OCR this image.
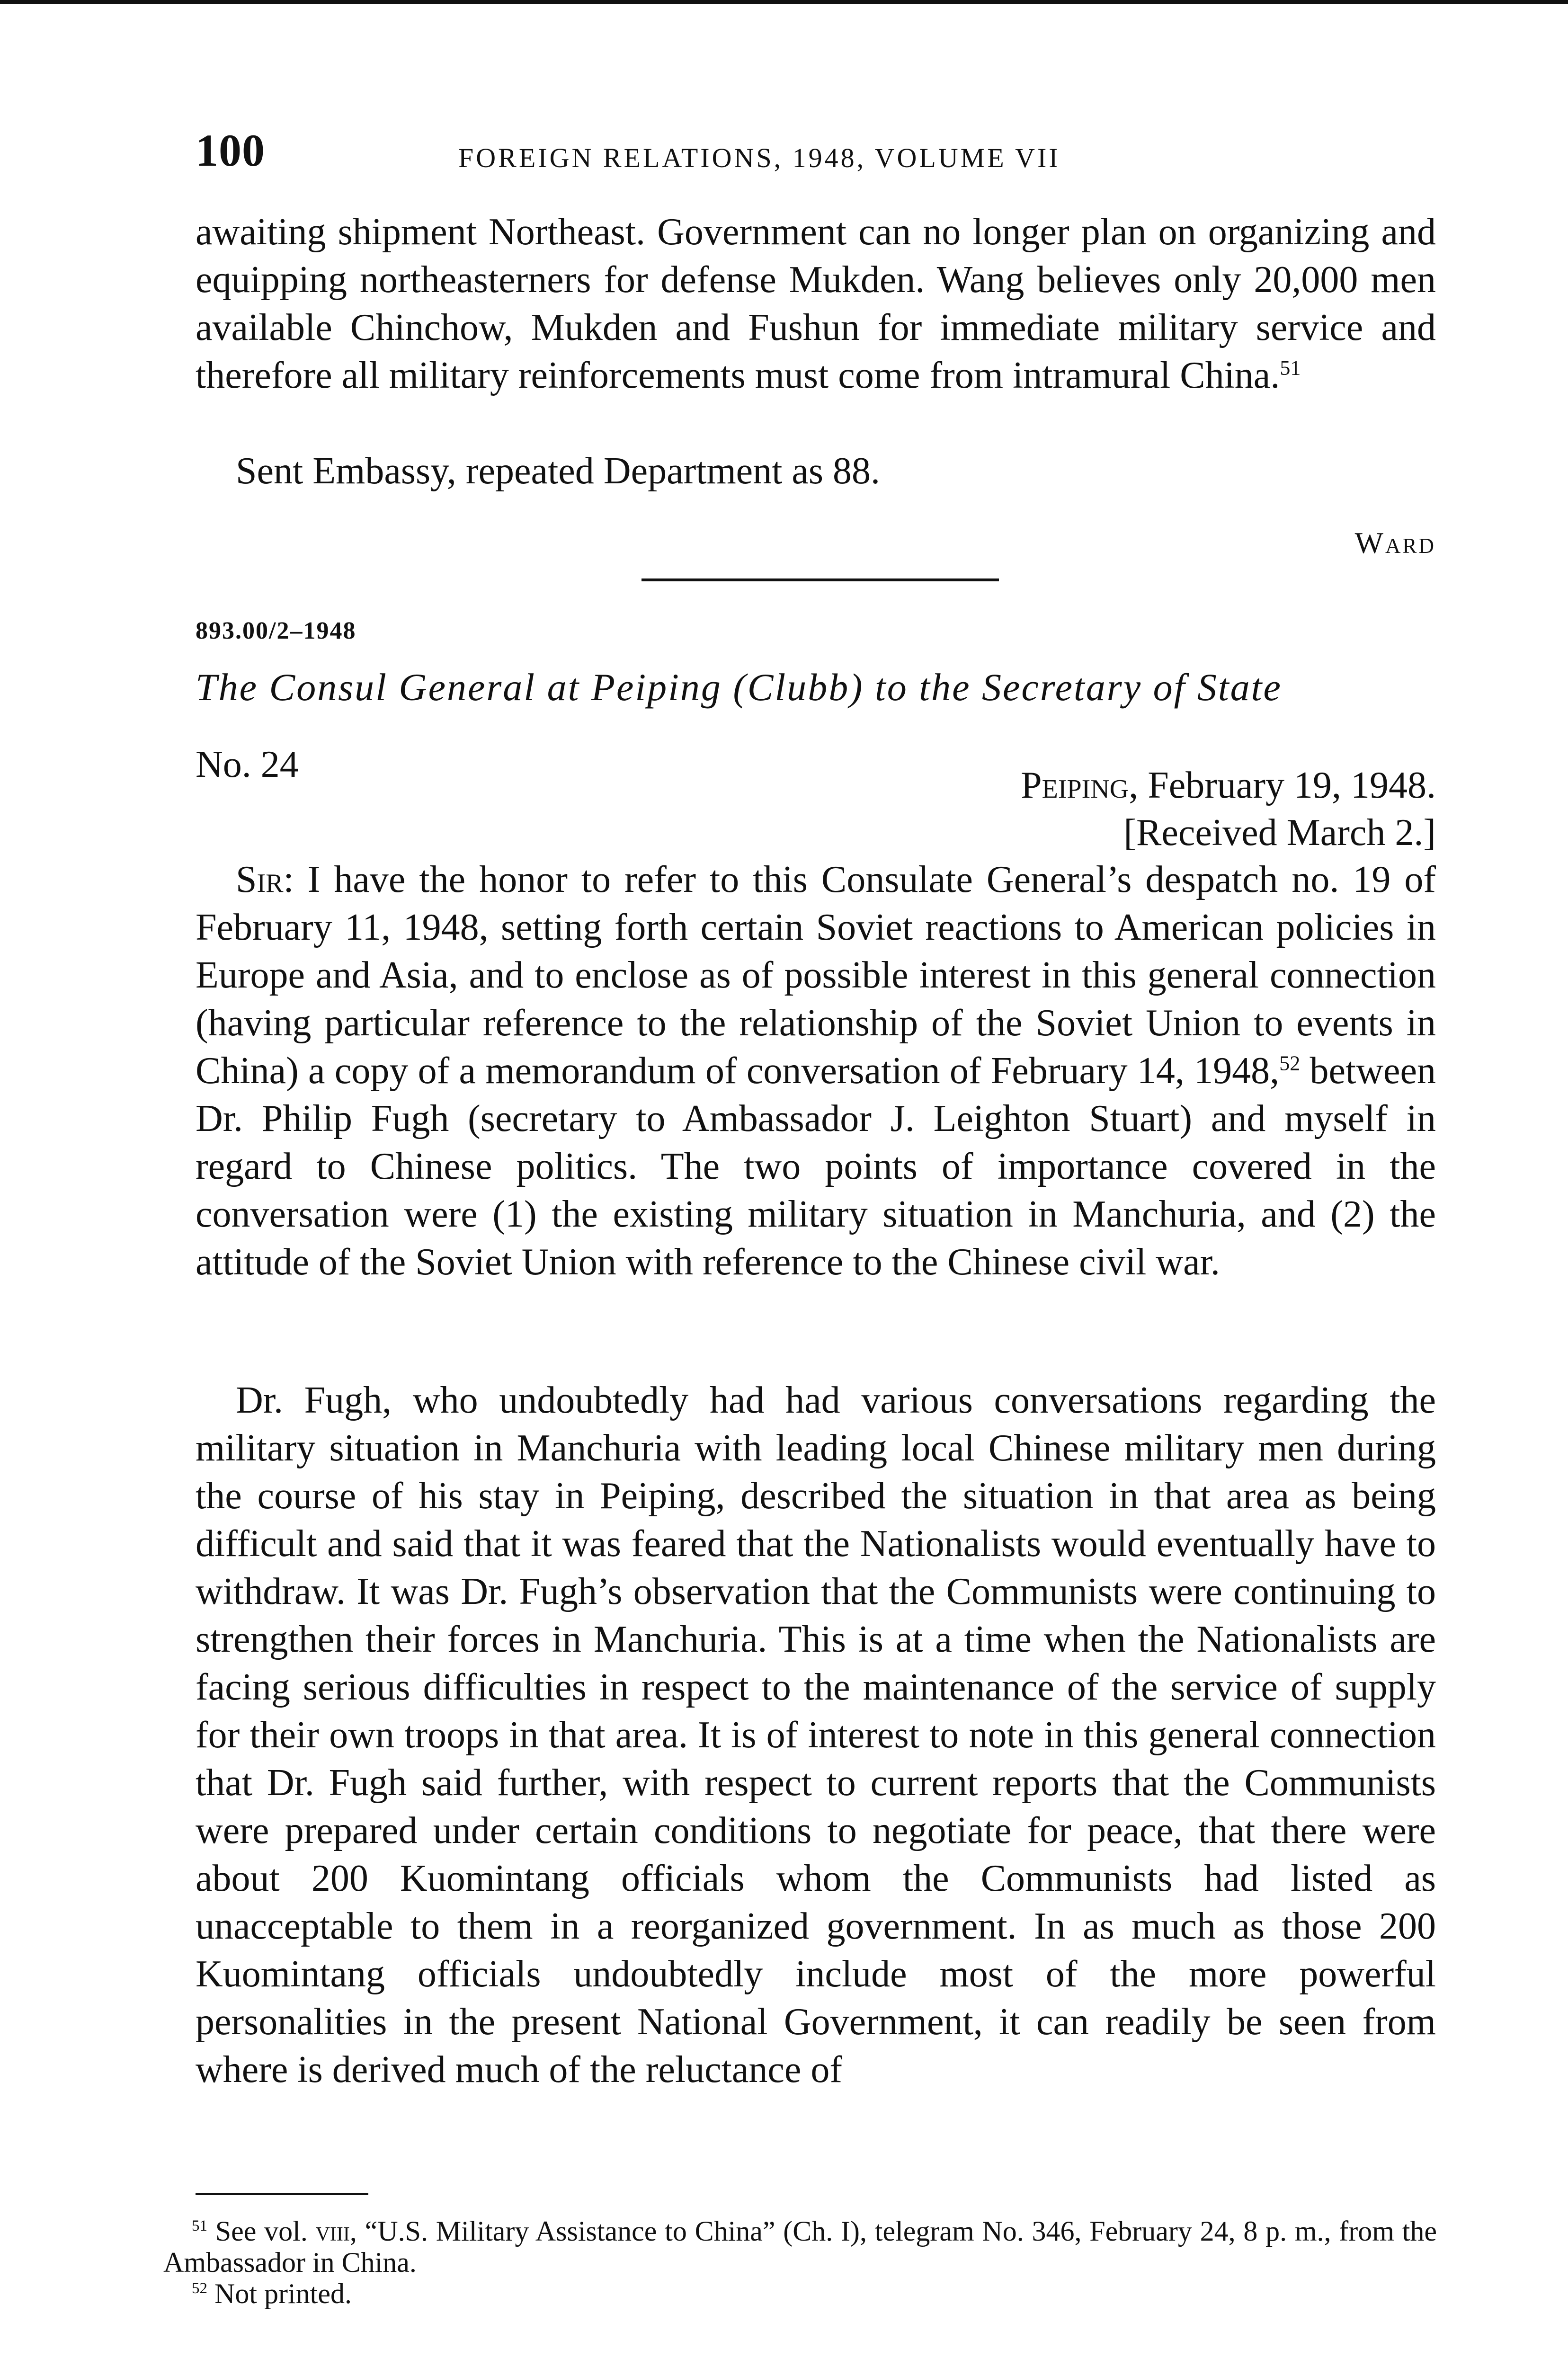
100	FOREIGN RELATIONS, 1948, VOLUME VII

awaiting shipment Northeast. Government can no longer plan on organizing and equipping northeasterners for defense Mukden. Wang believes only 20,000 men available Chinchow, Mukden and Fushun for immediate military service and therefore all military reinforcements must come from intramural China.$^{51}$

Sent Embassy, repeated Department as 88.

Ward
893.00/2–1948
The Consul General at Peiping (Clubb) to the Secretary of State
No. 24	Peiping, February 19, 1948.
[Received March 2.]

Sir: I have the honor to refer to this Consulate General’s despatch no. 19 of February 11, 1948, setting forth certain Soviet reactions to American policies in Europe and Asia, and to enclose as of possible interest in this general connection (having particular reference to the relationship of the Soviet Union to events in China) a copy of a memorandum of conversation of February 14, 1948,52 between Dr. Philip Fugh (secretary to Ambassador J. Leighton Stuart) and myself in regard to Chinese politics. The two points of importance covered in the conversation were (1) the existing military situation in Manchuria, and (2) the attitude of the Soviet Union with reference to the Chinese civil war.

Dr. Fugh, who undoubtedly had had various conversations regarding the military situation in Manchuria with leading local Chinese military men during the course of his stay in Peiping, described the situation in that area as being difficult and said that it was feared that the Nationalists would eventually have to withdraw. It was Dr. Fugh’s observation that the Communists were continuing to strengthen their forces in Manchuria. This is at a time when the Nationalists are facing serious difficulties in respect to the maintenance of the service of supply for their own troops in that area. It is of interest to note in this general connection that Dr. Fugh said further, with respect to current reports that the Communists were prepared under certain conditions to negotiate for peace, that there were about 200 Kuomintang officials whom the Communists had listed as unacceptable to them in a reorganized government. In as much as those 200 Kuomintang officials undoubtedly include most of the more powerful personalities in the present National Government, it can readily be seen from where is derived much of the reluctance of

$^{51}$ See vol. viii, “U.S. Military Assistance to China” (Ch. I), telegram No. 346, February 24, 8 p. m., from the Ambassador in China.
$^{52}$ Not printed.
